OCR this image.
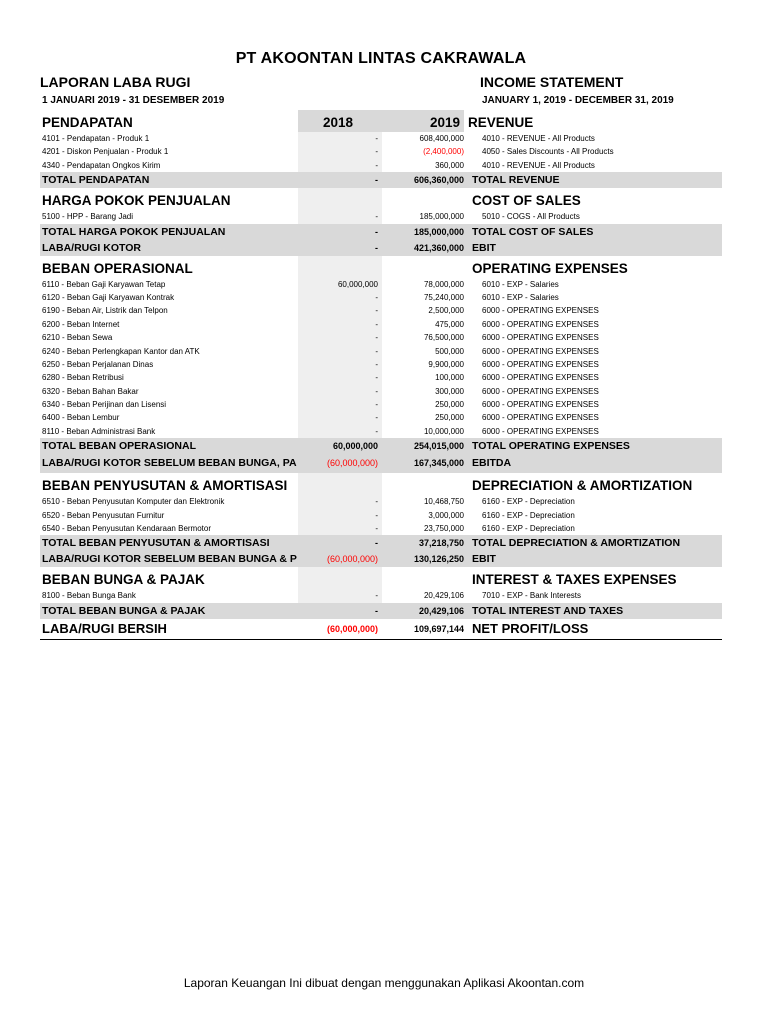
PT AKOONTAN LINTAS CAKRAWALA
LAPORAN LABA RUGI	INCOME STATEMENT
1 JANUARI 2019 - 31 DESEMBER 2019	JANUARY 1, 2019 - DECEMBER 31, 2019
PENDAPATAN	2018	2019 REVENUE
4101 - Pendapatan - Produk 1	-	608,400,000	4010 - REVENUE - All Products
4201 - Diskon Penjualan - Produk 1	-	(2,400,000)	4050 - Sales Discounts - All Products
4340 - Pendapatan Ongkos Kirim	-	360,000	4010 - REVENUE - All Products
TOTAL PENDAPATAN	-	606,360,000 TOTAL REVENUE
HARGA POKOK PENJUALAN	COST OF SALES
5100 - HPP - Barang Jadi	-	185,000,000	5010 - COGS - All Products
TOTAL HARGA POKOK PENJUALAN	-	185,000,000 TOTAL COST OF SALES
LABA/RUGI KOTOR	-	421,360,000 EBIT
BEBAN OPERASIONAL	OPERATING EXPENSES
6110 - Beban Gaji Karyawan Tetap	60,000,000	78,000,000	6010 - EXP - Salaries
6120 - Beban Gaji Karyawan Kontrak	-	75,240,000	6010 - EXP - Salaries
6190 - Beban Air, Listrik dan Telpon	-	2,500,000	6000 - OPERATING EXPENSES
6200 - Beban Internet	-	475,000	6000 - OPERATING EXPENSES
6210 - Beban Sewa	-	76,500,000	6000 - OPERATING EXPENSES
6240 - Beban Perlengkapan Kantor dan ATK	-	500,000	6000 - OPERATING EXPENSES
6250 - Beban Perjalanan Dinas	-	9,900,000	6000 - OPERATING EXPENSES
6280 - Beban Retribusi	-	100,000	6000 - OPERATING EXPENSES
6320 - Beban Bahan Bakar	-	300,000	6000 - OPERATING EXPENSES
6340 - Beban Perijinan dan Lisensi	-	250,000	6000 - OPERATING EXPENSES
6400 - Beban Lembur	-	250,000	6000 - OPERATING EXPENSES
8110 - Beban Administrasi Bank	-	10,000,000	6000 - OPERATING EXPENSES
TOTAL BEBAN OPERASIONAL	60,000,000	254,015,000 TOTAL OPERATING EXPENSES
LABA/RUGI KOTOR SEBELUM BEBAN BUNGA, PA	(60,000,000)	167,345,000 EBITDA
BEBAN PENYUSUTAN & AMORTISASI	DEPRECIATION & AMORTIZATION
6510 - Beban Penyusutan Komputer dan Elektronik	-	10,468,750	6160 - EXP - Depreciation
6520 - Beban Penyusutan Furnitur	-	3,000,000	6160 - EXP - Depreciation
6540 - Beban Penyusutan Kendaraan Bermotor	-	23,750,000	6160 - EXP - Depreciation
TOTAL BEBAN PENYUSUTAN & AMORTISASI	-	37,218,750 TOTAL DEPRECIATION & AMORTIZATION
LABA/RUGI KOTOR SEBELUM BEBAN BUNGA & P	(60,000,000)	130,126,250 EBIT
BEBAN BUNGA & PAJAK	INTEREST & TAXES EXPENSES
8100 - Beban Bunga Bank	-	20,429,106	7010 - EXP - Bank Interests
TOTAL BEBAN BUNGA & PAJAK	-	20,429,106 TOTAL INTEREST AND TAXES
LABA/RUGI BERSIH	(60,000,000)	109,697,144 NET PROFIT/LOSS
Laporan Keuangan Ini dibuat dengan menggunakan Aplikasi Akoontan.com
